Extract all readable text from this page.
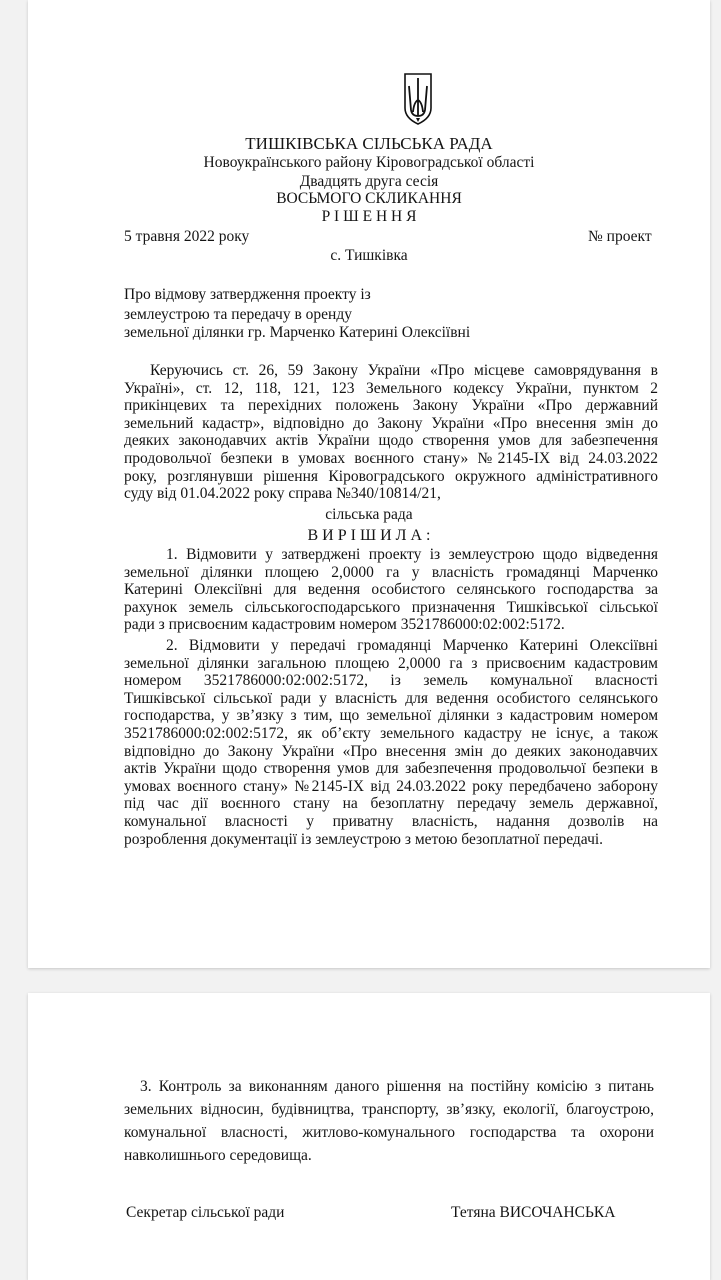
ТИШКІВСЬКА СІЛЬСЬКА РАДА
Новоукраїнського району Кіровоградської області
Двадцять друга сесія
ВОСЬМОГО СКЛИКАННЯ
Р І Ш Е Н Н Я
5 травня 2022 року	№ проект
с. Тишківка
Про відмову затвердження проекту із
землеустрою та передачу в оренду
земельної ділянки гр. Марченко Катерині Олексіївні
Керуючись ст. 26, 59 Закону України «Про місцеве самоврядування в
Україні», ст. 12, 118, 121, 123 Земельного кодексу України, пунктом 2
прикінцевих та перехідних положень Закону України «Про державний
земельний кадастр», відповідно до Закону України «Про внесення змін до
деяких законодавчих актів України щодо створення умов для забезпечення
продовольчої безпеки в умовах воєнного стану» №2145-IX від 24.03.2022
року, розглянувши рішення Кіровоградського окружного адміністративного
суду від 01.04.2022 року справа №340/10814/21,
сільська рада
В И Р І Ш И Л А :
1. Відмовити у затверджені проекту із землеустрою щодо відведення
земельної ділянки площею 2,0000 га у власність громадянці Марченко
Катерині Олексіївні для ведення особистого селянського господарства за
рахунок земель сільськогосподарського призначення Тишківської сільської
ради з присвоєним кадастровим номером 3521786000:02:002:5172.
2. Відмовити у передачі громадянці Марченко Катерині Олексіївні
земельної ділянки загальною площею 2,0000 га з присвоєним кадастровим
номером 3521786000:02:002:5172, із земель комунальної власності
Тишківської сільської ради у власність для ведення особистого селянського
господарства, у зв’язку з тим, що земельної ділянки з кадастровим номером
3521786000:02:002:5172, як об’єкту земельного кадастру не існує, а також
відповідно до Закону України «Про внесення змін до деяких законодавчих
актів України щодо створення умов для забезпечення продовольчої безпеки в
умовах воєнного стану» №2145-IX від 24.03.2022 року передбачено заборону
під час дії воєнного стану на безоплатну передачу земель державної,
комунальної власності у приватну власність, надання дозволів на
розроблення документації із землеустрою з метою безоплатної передачі.
3. Контроль за виконанням даного рішення на постійну комісію з питань
земельних відносин, будівництва, транспорту, зв’язку, екології, благоустрою,
комунальної власності, житлово-комунального господарства та охорони
навколишнього середовища.
Секретар сільської ради	Тетяна ВИСОЧАНСЬКА
